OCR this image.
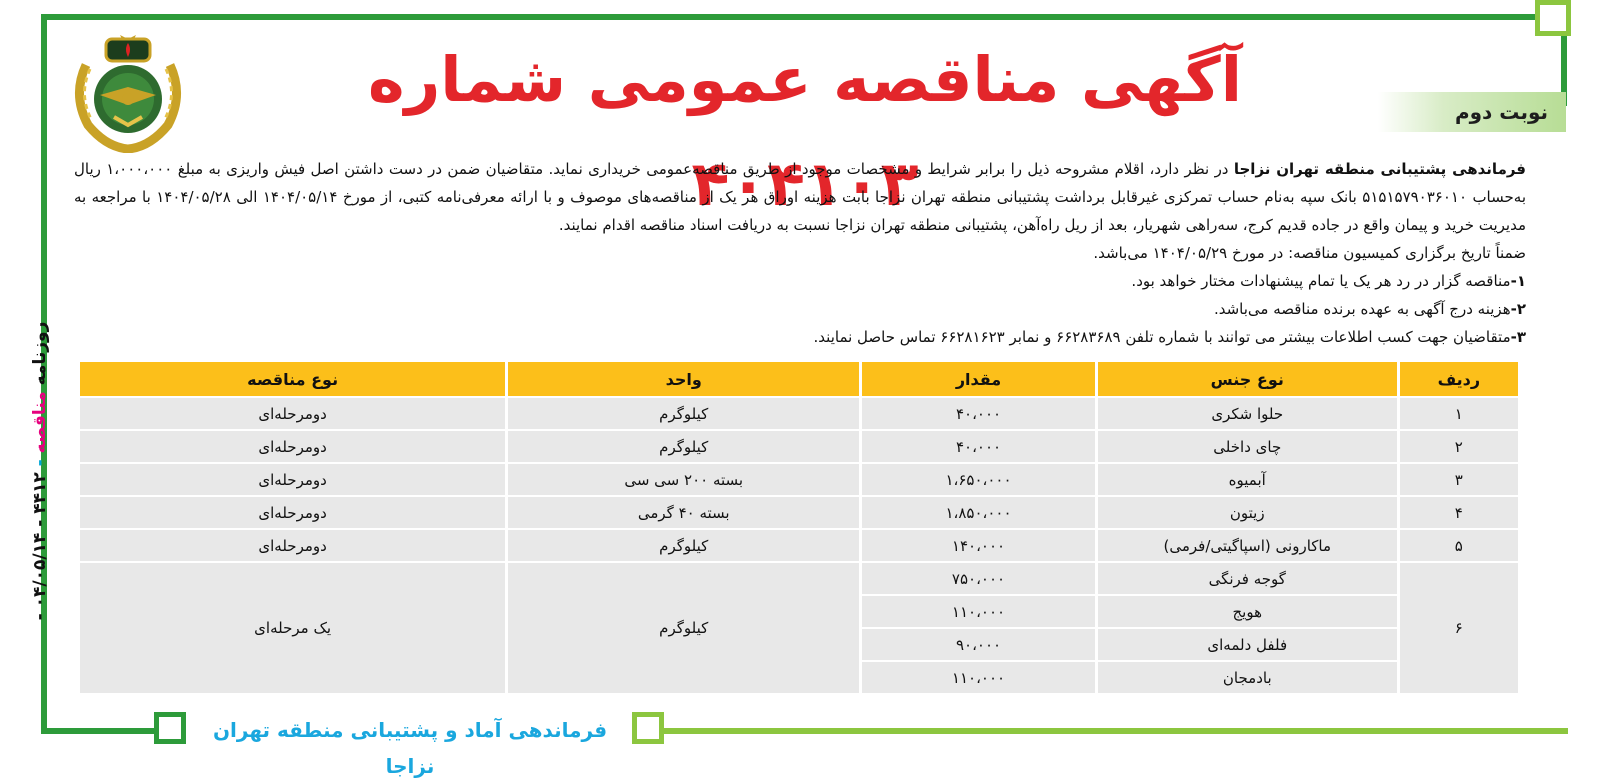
آگهی مناقصه عمومی شماره ۴۰۴۱۰۳
نوبت دوم
روزنامه مناقصه - ۴۴۱۲ - ۰۴/۰۵/۱۴ -

فرماندهی پشتیبانی منطقه تهران نزاجا در نظر دارد، اقلام مشروحه ذیل را برابر شرایط و مشخصات موجود از طریق مناقصه‌عمومی خریداری نماید. متقاضیان ضمن در دست داشتن اصل فیش واریزی به مبلغ ۱،۰۰۰،۰۰۰ ریال به‌حساب ۵۱۵۱۵۷۹۰۳۶۰۱۰ بانک سپه به‌نام حساب تمرکزی غیرقابل برداشت پشتیبانی منطقه تهران نزاجا بابت هزینه اوراق هر یک از مناقصه‌های موصوف و با ارائه معرفی‌نامه کتبی، از مورخ ۱۴۰۴/۰۵/۱۴ الی ۱۴۰۴/۰۵/۲۸ با مراجعه به مدیریت خرید و پیمان واقع در جاده قدیم کرج، سه‌راهی شهریار، بعد از ریل راه‌آهن، پشتیبانی منطقه تهران نزاجا نسبت به دریافت اسناد مناقصه اقدام نمایند.

ضمناً تاریخ برگزاری کمیسیون مناقصه: در مورخ ۱۴۰۴/۰۵/۲۹ می‌باشد.

۱-مناقصه گزار در رد هر یک یا تمام پیشنهادات مختار خواهد بود.

۲-هزینه درج آگهی به عهده برنده مناقصه می‌باشد.

۳-متقاضیان جهت کسب اطلاعات بیشتر می توانند با شماره تلفن ۶۶۲۸۳۶۸۹ و نمابر ۶۶۲۸۱۶۲۳ تماس حاصل نمایند.

ردیف	نوع جنس	مقدار	واحد	نوع مناقصه
۱	حلوا شکری	۴۰،۰۰۰	کیلوگرم	دومرحله‌ای
۲	چای داخلی	۴۰،۰۰۰	کیلوگرم	دومرحله‌ای
۳	آبمیوه	۱،۶۵۰،۰۰۰	بسته ۲۰۰ سی سی	دومرحله‌ای
۴	زیتون	۱،۸۵۰،۰۰۰	بسته ۴۰ گرمی	دومرحله‌ای
۵	ماکارونی (اسپاگیتی/فرمی)	۱۴۰،۰۰۰	کیلوگرم	دومرحله‌ای
۶	گوجه فرنگی	۷۵۰،۰۰۰	کیلوگرم	یک مرحله‌ای
	هویج	۱۱۰،۰۰۰		
	فلفل دلمه‌ای	۹۰،۰۰۰		
	بادمجان	۱۱۰،۰۰۰		
فرماندهی آماد و پشتیبانی منطقه تهران نزاجا
